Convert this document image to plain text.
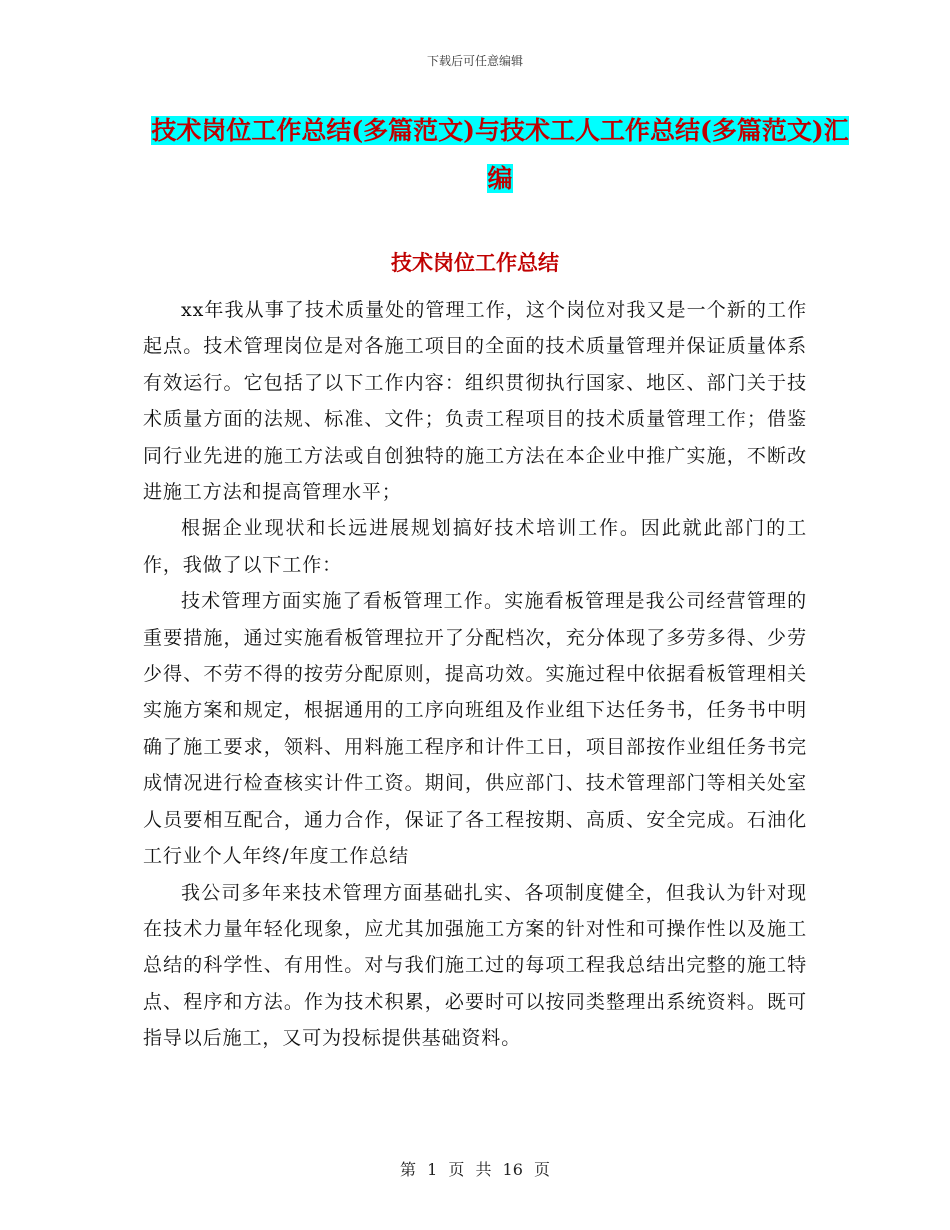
下载后可任意编辑
技术岗位工作总结(多篇范文)与技术工人工作总结(多篇范文)汇编
技术岗位工作总结

xx年我从事了技术质量处的管理工作，这个岗位对我又是一个新的工作起点。技术管理岗位是对各施工项目的全面的技术质量管理并保证质量体系有效运行。它包括了以下工作内容：组织贯彻执行国家、地区、部门关于技术质量方面的法规、标准、文件；负责工程项目的技术质量管理工作；借鉴同行业先进的施工方法或自创独特的施工方法在本企业中推广实施，不断改进施工方法和提高管理水平；

根据企业现状和长远进展规划搞好技术培训工作。因此就此部门的工作，我做了以下工作：

技术管理方面实施了看板管理工作。实施看板管理是我公司经营管理的重要措施，通过实施看板管理拉开了分配档次，充分体现了多劳多得、少劳少得、不劳不得的按劳分配原则，提高功效。实施过程中依据看板管理相关实施方案和规定，根据通用的工序向班组及作业组下达任务书，任务书中明确了施工要求，领料、用料施工程序和计件工日，项目部按作业组任务书完成情况进行检查核实计件工资。期间，供应部门、技术管理部门等相关处室人员要相互配合，通力合作，保证了各工程按期、高质、安全完成。石油化工行业个人年终/年度工作总结

我公司多年来技术管理方面基础扎实、各项制度健全，但我认为针对现在技术力量年轻化现象，应尤其加强施工方案的针对性和可操作性以及施工总结的科学性、有用性。对与我们施工过的每项工程我总结出完整的施工特点、程序和方法。作为技术积累，必要时可以按同类整理出系统资料。既可指导以后施工，又可为投标提供基础资料。

第 1 页 共 16 页
